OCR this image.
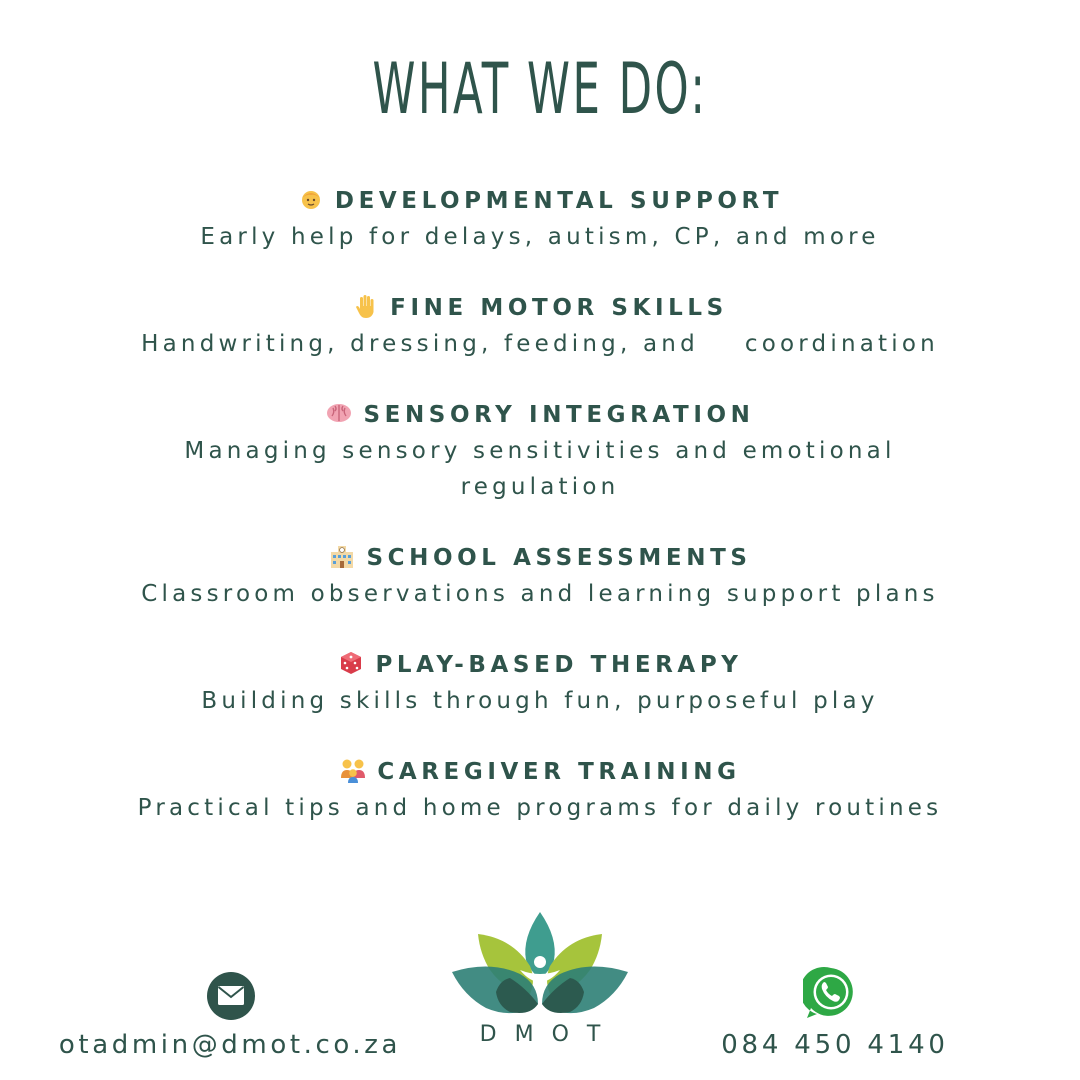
WHAT WE DO:
DEVELOPMENTAL SUPPORT
Early help for delays, autism, CP, and more
FINE MOTOR SKILLS
Handwriting, dressing, feeding, and    coordination
SENSORY INTEGRATION
Managing sensory sensitivities and emotional regulation
SCHOOL ASSESSMENTS
Classroom observations and learning support plans
PLAY-BASED THERAPY
Building skills through fun, purposeful play
CAREGIVER TRAINING
Practical tips and home programs for daily routines
otadmin@dmot.co.za	DMOT	084 450 4140
